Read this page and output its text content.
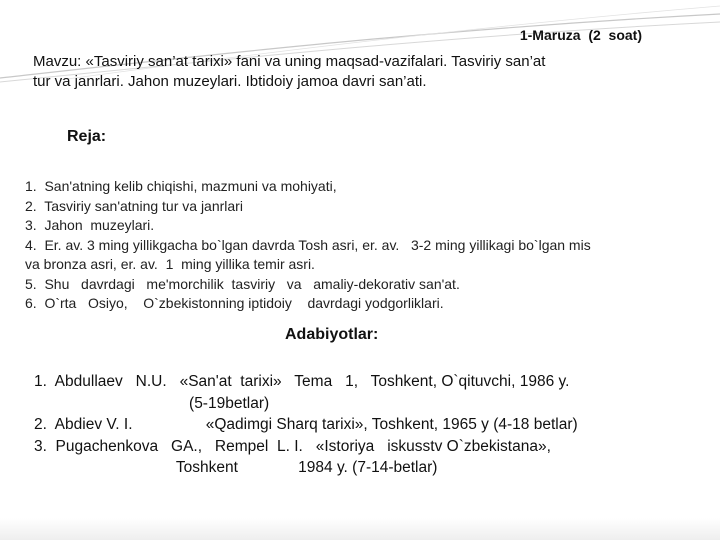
1-Maruza  (2  soat)
Mavzu: «Tasviriy san’at tarixi» fani va uning maqsad-vazifalari. Tasviriy san’at
tur va janrlari. Jahon muzeylari. Ibtidoiy jamoa davri san’ati.
Reja:
1.  San'atning kelib chiqishi, mazmuni va mohiyati,
2.  Tasviriy san'atning tur va janrlari
3.  Jahon  muzeylari.
4.  Er. av. 3 ming yillikgacha bo`lgan davrda Tosh asri, er. av.   3-2 ming yillikagi bo`lgan mis
va bronza asri, er. av.  1  ming yillika temir asri.
5.  Shu   davrdagi   me'morchilik  tasviriy   va   amaliy-dekorativ san'at.
6.  O`rta   Osiyo,    O`zbekistonning iptidoiy    davrdagi yodgorliklari.
Adabiyotlar:
1.  Abdullaev   N.U.   «San'at  tarixi»   Tema   1,   Toshkent, O`qituvchi, 1986 y.
(5-19betlar)
2.  Abdiev V. I.                 «Qadimgi Sharq tarixi», Toshkent, 1965 y (4-18 betlar)
3.  Pugachenkova   GA.,   Rempel  L. I.   «Istoriya   iskusstv O`zbekistana»,
Toshkent              1984 y. (7-14-betlar)
